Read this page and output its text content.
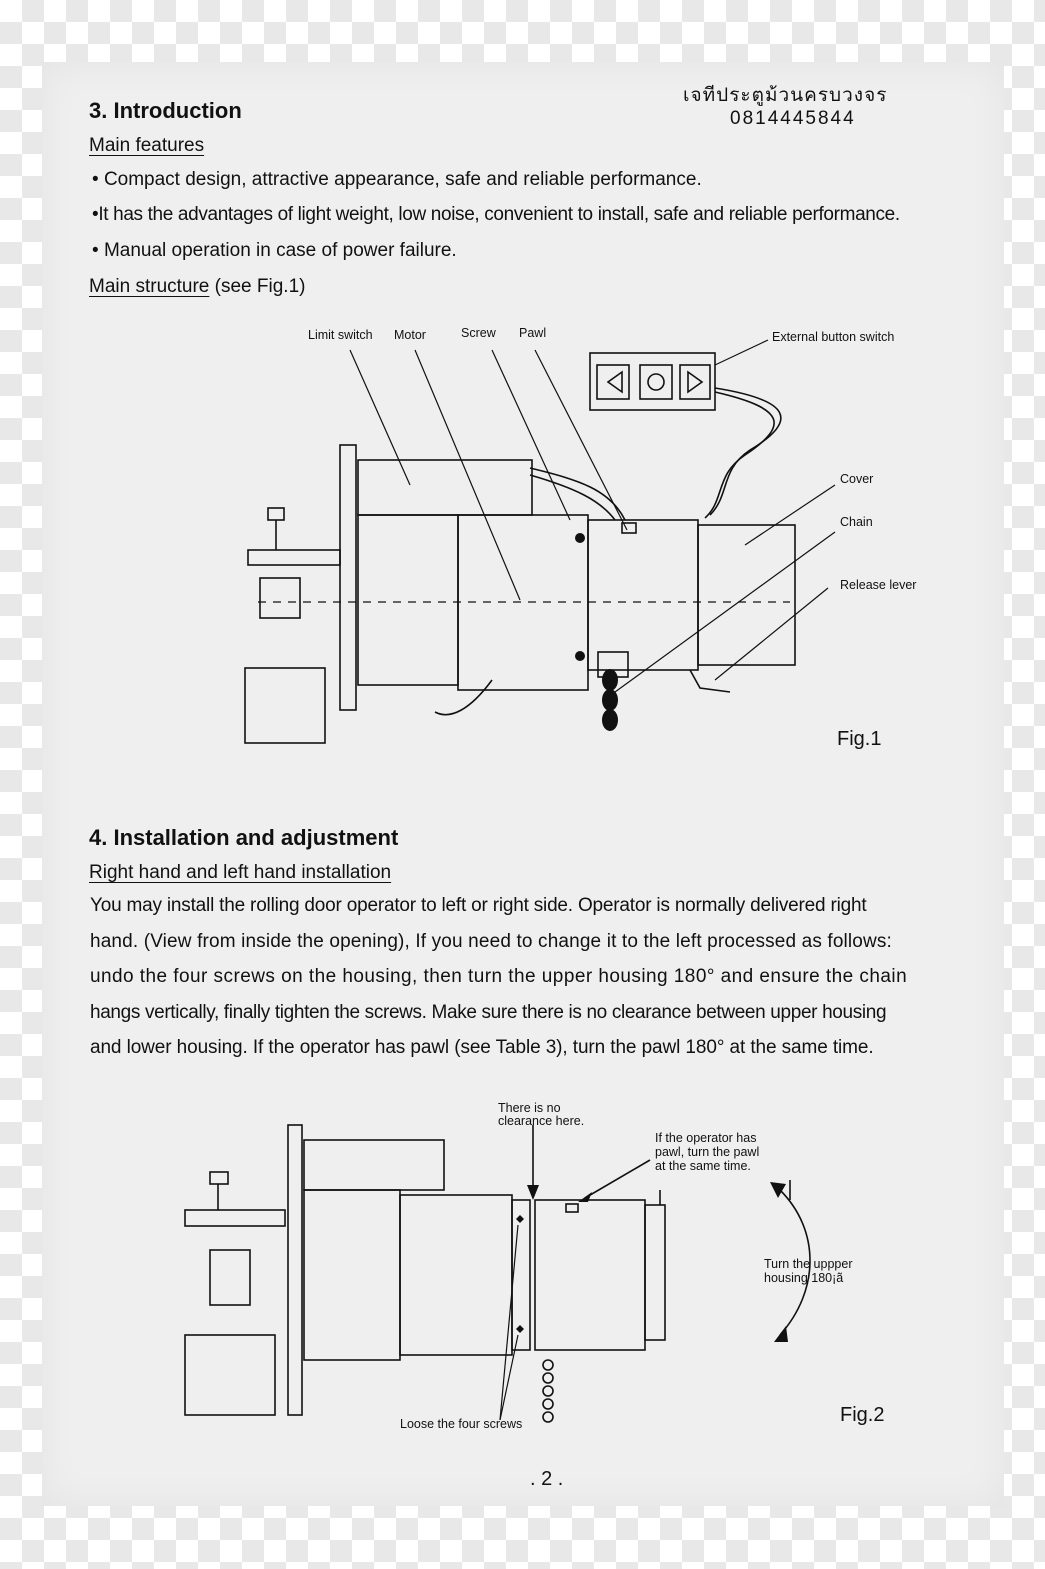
เจทีประตูม้วนครบวงจร
0814445844
3. Introduction
Main features
• Compact design, attractive appearance, safe and reliable performance.
•It has the advantages of light weight, low noise, convenient to install, safe and reliable performance.
• Manual operation in case of power failure.
Main structure (see Fig.1)
Limit switch Motor	Screw Pawl	External button switch
Cover
Chain
Release lever
Fig.1
4. Installation and adjustment
Right hand and left hand installation
You may install the rolling door operator to left or right side. Operator is normally delivered right
hand. (View from inside the opening), If you need to change it to the left processed as follows:
undo the four screws on the housing, then turn the upper housing 180° and ensure the chain
hangs vertically, finally tighten the screws. Make sure there is no clearance between upper housing
and lower housing. If the operator has pawl (see Table 3), turn the pawl 180° at the same time.
There is no
clearance here.
If the operator has
pawl, turn the pawl
at the same time.
Turn the uppper
housing 180¡ã
Loose the four screws	Fig.2
. 2 .
